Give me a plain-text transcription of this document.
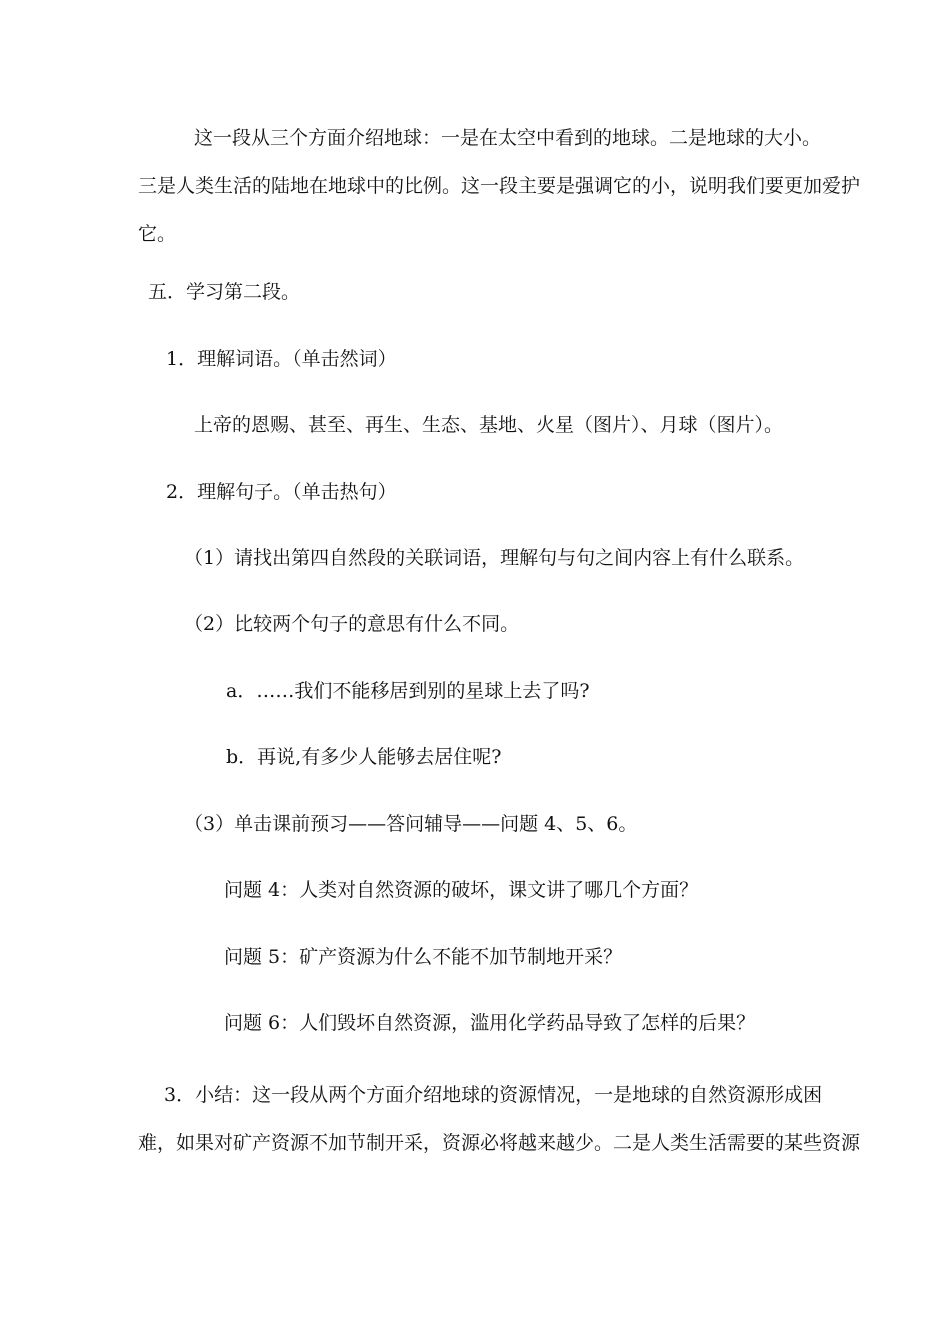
这一段从三个方面介绍地球：一是在太空中看到的地球。二是地球的大小。
三是人类生活的陆地在地球中的比例。这一段主要是强调它的小，说明我们要更加爱护
它。

五．学习第二段。

1．理解词语。（单击然词）

上帝的恩赐、甚至、再生、生态、基地、火星（图片）、月球（图片）。

2．理解句子。（单击热句）

（1）请找出第四自然段的关联词语，理解句与句之间内容上有什么联系。

（2）比较两个句子的意思有什么不同。

a．……我们不能移居到别的星球上去了吗?

b．再说,有多少人能够去居住呢?

（3）单击课前预习——答问辅导——问题 4、5、6。

问题 4：人类对自然资源的破坏，课文讲了哪几个方面？

问题 5：矿产资源为什么不能不加节制地开采？

问题 6：人们毁坏自然资源，滥用化学药品导致了怎样的后果？

3．小结：这一段从两个方面介绍地球的资源情况，一是地球的自然资源形成困
难，如果对矿产资源不加节制开采，资源必将越来越少。二是人类生活需要的某些资源
